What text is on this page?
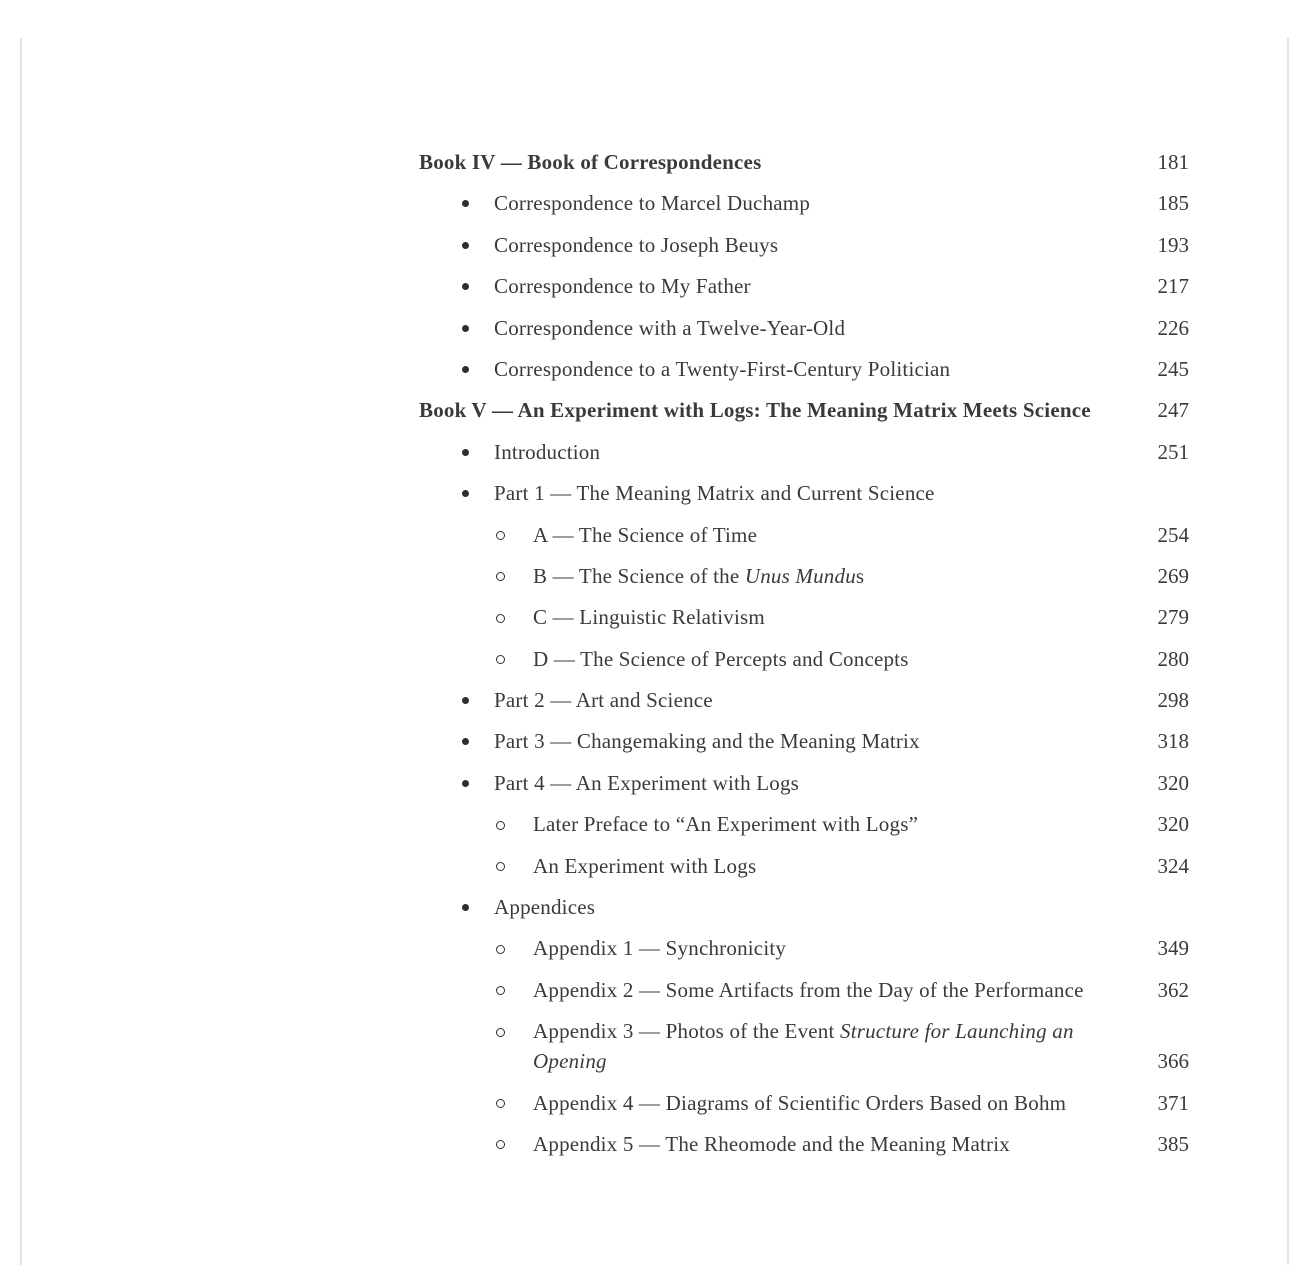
Book IV — Book of Correspondences	181
Correspondence to Marcel Duchamp	185
Correspondence to Joseph Beuys	193
Correspondence to My Father	217
Correspondence with a Twelve-Year-Old	226
Correspondence to a Twenty-First-Century Politician	245
Book V — An Experiment with Logs: The Meaning Matrix Meets Science	247
Introduction	251
Part 1 — The Meaning Matrix and Current Science
A — The Science of Time	254
B — The Science of the Unus Mundus	269
C — Linguistic Relativism	279
D — The Science of Percepts and Concepts	280
Part 2 — Art and Science	298
Part 3 — Changemaking and the Meaning Matrix	318
Part 4 — An Experiment with Logs	320
Later Preface to “An Experiment with Logs”	320
An Experiment with Logs	324
Appendices
Appendix 1 — Synchronicity	349
Appendix 2 — Some Artifacts from the Day of the Performance	362
Appendix 3 — Photos of the Event Structure for Launching an
Opening	366
Appendix 4 — Diagrams of Scientific Orders Based on Bohm	371
Appendix 5 — The Rheomode and the Meaning Matrix	385
